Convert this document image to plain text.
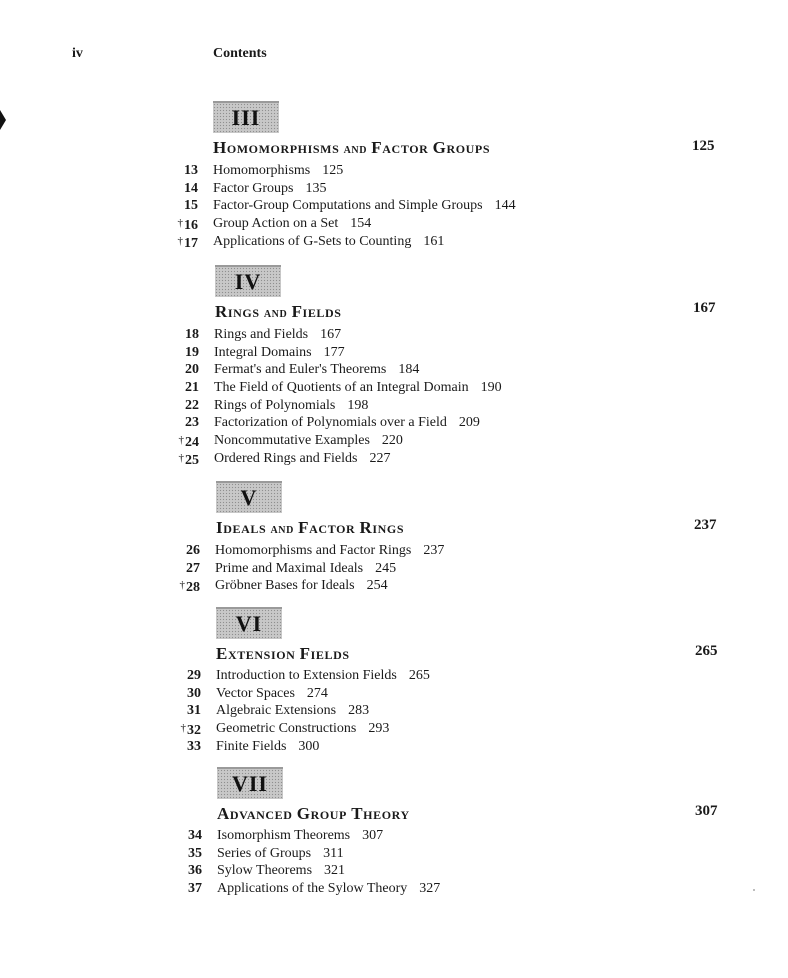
iv	Contents
III
Homomorphisms and Factor Groups	125
13 Homomorphisms 125
14 Factor Groups 135
15 Factor-Group Computations and Simple Groups 144
†16 Group Action on a Set 154
†17 Applications of G-Sets to Counting 161
IV
Rings and Fields	167
18 Rings and Fields 167
19 Integral Domains 177
20 Fermat's and Euler's Theorems 184
21 The Field of Quotients of an Integral Domain 190
22 Rings of Polynomials 198
23 Factorization of Polynomials over a Field 209
†24 Noncommutative Examples 220
†25 Ordered Rings and Fields 227
V
Ideals and Factor Rings	237
26 Homomorphisms and Factor Rings 237
27 Prime and Maximal Ideals 245
†28 Gröbner Bases for Ideals 254
VI
Extension Fields	265
29 Introduction to Extension Fields 265
30 Vector Spaces 274
31 Algebraic Extensions 283
†32 Geometric Constructions 293
33 Finite Fields 300
VII
Advanced Group Theory	307
34 Isomorphism Theorems 307
35 Series of Groups 311
36 Sylow Theorems 321
37 Applications of the Sylow Theory 327
